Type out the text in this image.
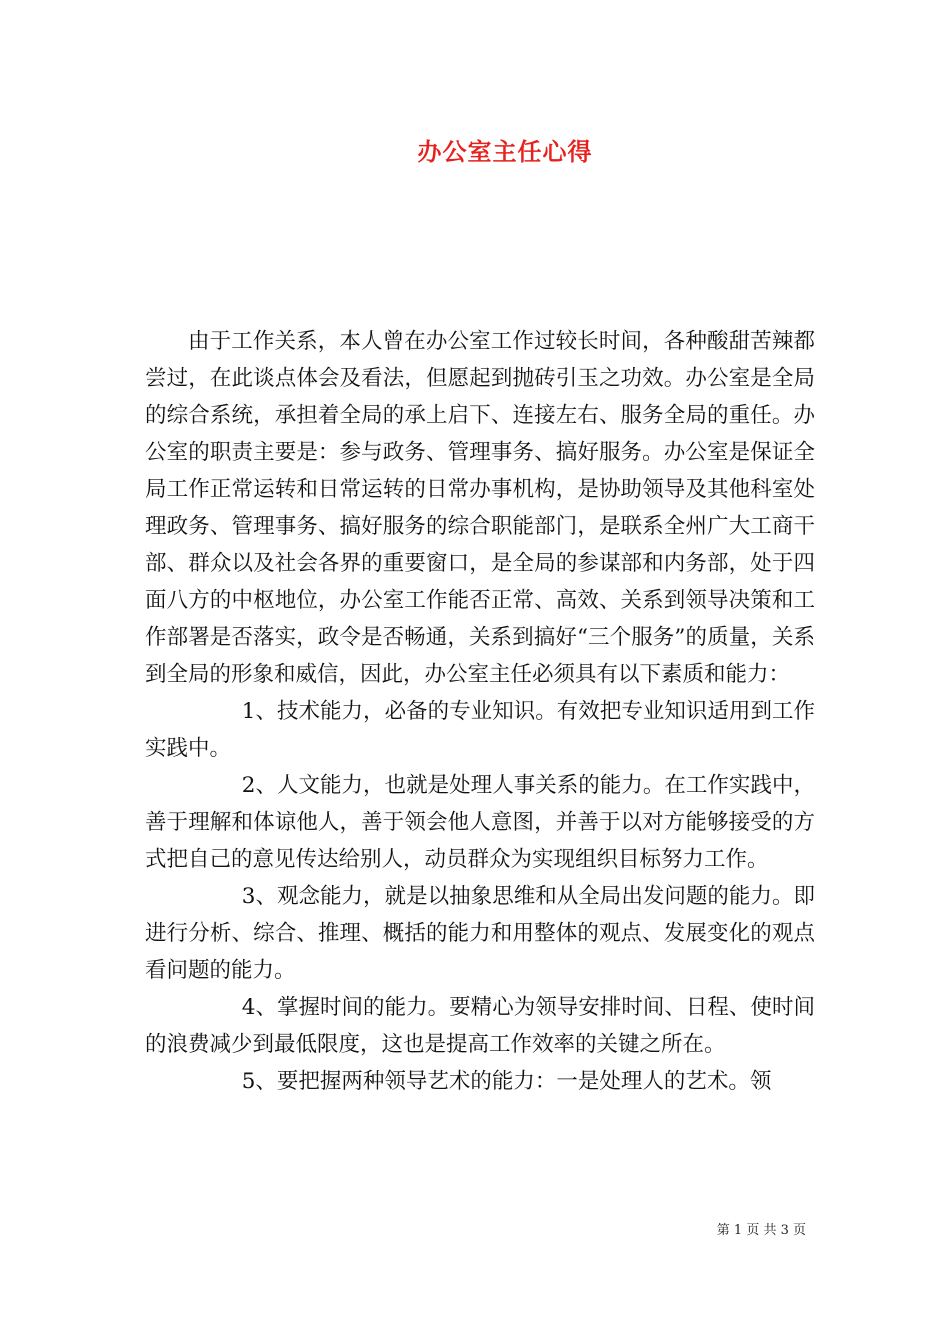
办公室主任心得

由于工作关系，本人曾在办公室工作过较长时间，各种酸甜苦辣都尝过，在此谈点体会及看法，但愿起到抛砖引玉之功效。办公室是全局的综合系统，承担着全局的承上启下、连接左右、服务全局的重任。办公室的职责主要是：参与政务、管理事务、搞好服务。办公室是保证全局工作正常运转和日常运转的日常办事机构，是协助领导及其他科室处理政务、管理事务、搞好服务的综合职能部门，是联系全州广大工商干部、群众以及社会各界的重要窗口，是全局的参谋部和内务部，处于四面八方的中枢地位，办公室工作能否正常、高效、关系到领导决策和工作部署是否落实，政令是否畅通，关系到搞好“三个服务”的质量，关系到全局的形象和威信，因此，办公室主任必须具有以下素质和能力：

1、技术能力，必备的专业知识。有效把专业知识适用到工作实践中。

2、人文能力，也就是处理人事关系的能力。在工作实践中，善于理解和体谅他人，善于领会他人意图，并善于以对方能够接受的方式把自己的意见传达给别人，动员群众为实现组织目标努力工作。

3、观念能力，就是以抽象思维和从全局出发问题的能力。即进行分析、综合、推理、概括的能力和用整体的观点、发展变化的观点看问题的能力。

4、掌握时间的能力。要精心为领导安排时间、日程、使时间的浪费减少到最低限度，这也是提高工作效率的关键之所在。

5、要把握两种领导艺术的能力：一是处理人的艺术。领

第 1 页 共 3 页
